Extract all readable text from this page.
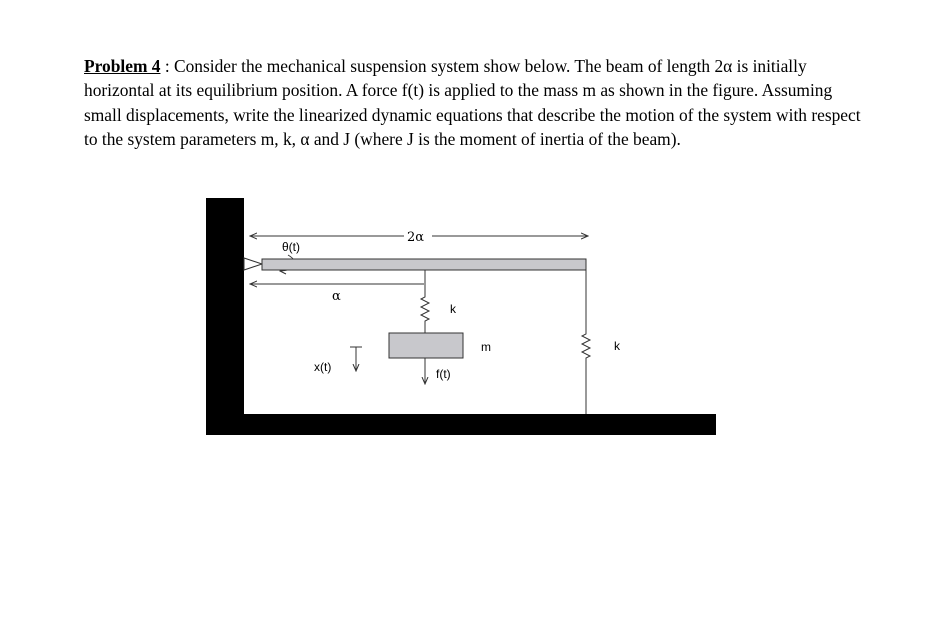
Problem 4 : Consider the mechanical suspension system show below. The beam of length 2α is initially horizontal at its equilibrium position. A force f(t) is applied to the mass m as shown in the figure. Assuming small displacements, write the linearized dynamic equations that describe the motion of the system with respect to the system parameters m, k, α and J (where J is the moment of inertia of the beam).

2α
θ(t)
α
k
m
x(t)	f(t)
k
